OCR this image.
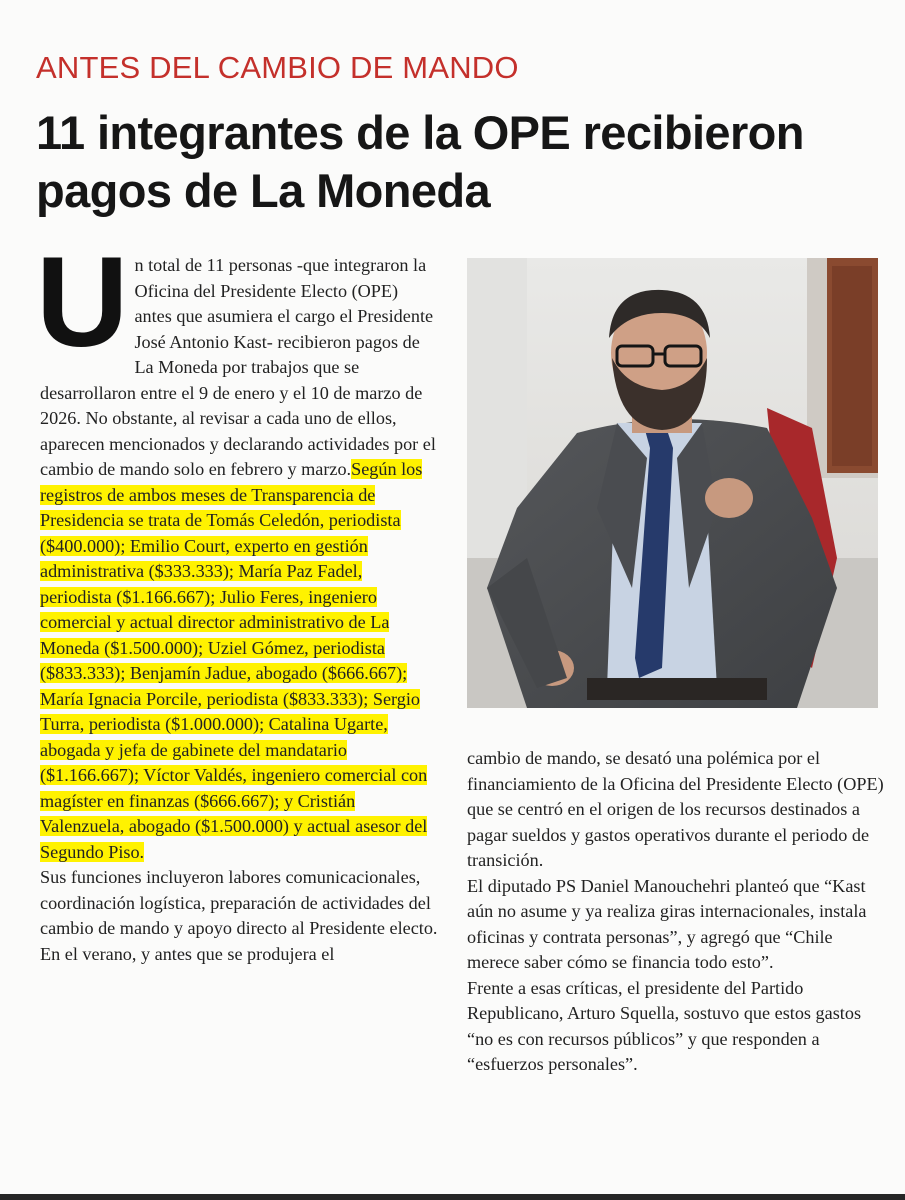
ANTES DEL CAMBIO DE MANDO
11 integrantes de la OPE recibieron pagos de La Moneda

Un total de 11 personas -que integraron la Oficina del Presidente Electo (OPE) antes que asumiera el cargo el Presidente José Antonio Kast- recibieron pagos de La Moneda por trabajos que se desarrollaron entre el 9 de enero y el 10 de marzo de 2026. No obstante, al revisar a cada uno de ellos, aparecen mencionados y declarando actividades por el cambio de mando solo en febrero y marzo.Según los registros de ambos meses de Transparencia de Presidencia se trata de Tomás Celedón, periodista ($400.000); Emilio Court, experto en gestión administrativa ($333.333); María Paz Fadel, periodista ($1.166.667); Julio Feres, ingeniero comercial y actual director administrativo de La Moneda ($1.500.000); Uziel Gómez, periodista ($833.333); Benjamín Jadue, abogado ($666.667); María Ignacia Porcile, periodista ($833.333); Sergio Turra, periodista ($1.000.000); Catalina Ugarte, abogada y jefa de gabinete del mandatario ($1.166.667); Víctor Valdés, ingeniero comercial con magíster en finanzas ($666.667); y Cristián Valenzuela, abogado ($1.500.000) y actual asesor del Segundo Piso.

Sus funciones incluyeron labores comunicacionales, coordinación logística, preparación de actividades del cambio de mando y apoyo directo al Presidente electo.

En el verano, y antes que se produjera el

cambio de mando, se desató una polémica por el financiamiento de la Oficina del Presidente Electo (OPE) que se centró en el origen de los recursos destinados a pagar sueldos y gastos operativos durante el periodo de transición.

El diputado PS Daniel Manouchehri planteó que “Kast aún no asume y ya realiza giras internacionales, instala oficinas y contrata personas”, y agregó que “Chile merece saber cómo se financia todo esto”.

Frente a esas críticas, el presidente del Partido Republicano, Arturo Squella, sostuvo que estos gastos “no es con recursos públicos” y que responden a “esfuerzos personales”.
